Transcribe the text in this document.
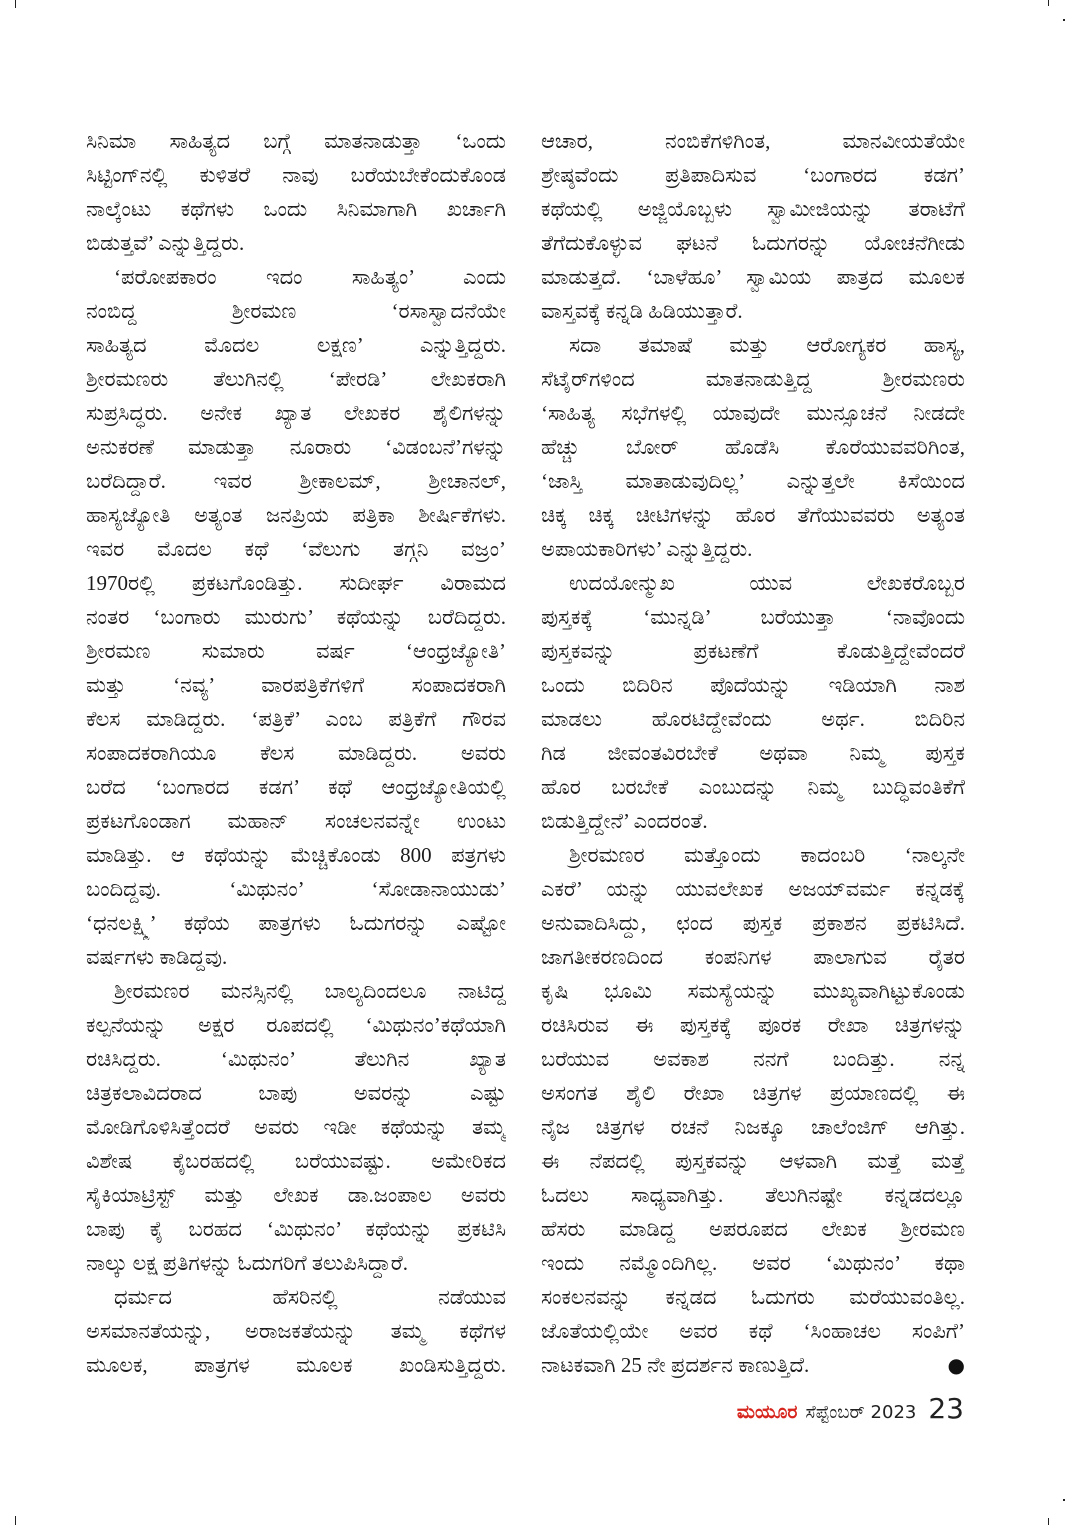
ಸಿನಿಮಾ ಸಾಹಿತ್ಯದ ಬಗ್ಗೆ ಮಾತನಾಡುತ್ತಾ ‘ಒಂದು
ಸಿಟ್ಟಿಂಗ್‌ನಲ್ಲಿ ಕುಳಿತರೆ ನಾವು ಬರೆಯಬೇಕೆಂದುಕೊಂಡ
ನಾಲ್ಕೆಂಟು ಕಥೆಗಳು ಒಂದು ಸಿನಿಮಾಗಾಗಿ ಖರ್ಚಾಗಿ
ಬಿಡುತ್ತವೆ’ ಎನ್ನುತ್ತಿದ್ದರು.
‘ಪರೋಪಕಾರಂ ಇದಂ ಸಾಹಿತ್ಯಂ’ ಎಂದು
ನಂಬಿದ್ದ ಶ್ರೀರಮಣ ‘ರಸಾಸ್ವಾದನೆಯೇ
ಸಾಹಿತ್ಯದ ಮೊದಲ ಲಕ್ಷಣ’ ಎನ್ನುತ್ತಿದ್ದರು.
ಶ್ರೀರಮಣರು ತೆಲುಗಿನಲ್ಲಿ ‘ಪೇರಡಿ’ ಲೇಖಕರಾಗಿ
ಸುಪ್ರಸಿದ್ಧರು. ಅನೇಕ ಖ್ಯಾತ ಲೇಖಕರ ಶೈಲಿಗಳನ್ನು
ಅನುಕರಣೆ ಮಾಡುತ್ತಾ ನೂರಾರು ‘ವಿಡಂಬನೆ’ಗಳನ್ನು
ಬರೆದಿದ್ದಾರೆ. ಇವರ ಶ್ರೀಕಾಲಮ್, ಶ್ರೀಚಾನಲ್,
ಹಾಸ್ಯಜ್ಯೋತಿ ಅತ್ಯಂತ ಜನಪ್ರಿಯ ಪತ್ರಿಕಾ ಶೀರ್ಷಿಕೆಗಳು.
ಇವರ ಮೊದಲ ಕಥೆ ‘ವೆಲುಗು ತಗ್ಗನಿ ವಜ್ರಂ’
1970ರಲ್ಲಿ ಪ್ರಕಟಗೊಂಡಿತ್ತು. ಸುದೀರ್ಘ ವಿರಾಮದ
ನಂತರ ‘ಬಂಗಾರು ಮುರುಗು’ ಕಥೆಯನ್ನು ಬರೆದಿದ್ದರು.
ಶ್ರೀರಮಣ ಸುಮಾರು ವರ್ಷ ‘ಆಂಧ್ರಜ್ಯೋತಿ’
ಮತ್ತು ‘ನವ್ಯ’ ವಾರಪತ್ರಿಕೆಗಳಿಗೆ ಸಂಪಾದಕರಾಗಿ
ಕೆಲಸ ಮಾಡಿದ್ದರು. ‘ಪತ್ರಿಕೆ’ ಎಂಬ ಪತ್ರಿಕೆಗೆ ಗೌರವ
ಸಂಪಾದಕರಾಗಿಯೂ ಕೆಲಸ ಮಾಡಿದ್ದರು. ಅವರು
ಬರೆದ ‘ಬಂಗಾರದ ಕಡಗ’ ಕಥೆ ಆಂಧ್ರಜ್ಯೋತಿಯಲ್ಲಿ
ಪ್ರಕಟಗೊಂಡಾಗ ಮಹಾನ್ ಸಂಚಲನವನ್ನೇ ಉಂಟು
ಮಾಡಿತ್ತು. ಆ ಕಥೆಯನ್ನು ಮೆಚ್ಚಿಕೊಂಡು 800 ಪತ್ರಗಳು
ಬಂದಿದ್ದವು. ‘ಮಿಥುನಂ’ ‘ಸೋಡಾನಾಯುಡು’
‘ಧನಲಕ್ಷ್ಮಿ’ ಕಥೆಯ ಪಾತ್ರಗಳು ಓದುಗರನ್ನು ಎಷ್ಟೋ
ವರ್ಷಗಳು ಕಾಡಿದ್ದವು.
ಶ್ರೀರಮಣರ ಮನಸ್ಸಿನಲ್ಲಿ ಬಾಲ್ಯದಿಂದಲೂ ನಾಟಿದ್ದ
ಕಲ್ಪನೆಯನ್ನು ಅಕ್ಷರ ರೂಪದಲ್ಲಿ ‘ಮಿಥುನಂ’ಕಥೆಯಾಗಿ
ರಚಿಸಿದ್ದರು. ‘ಮಿಥುನಂ’ ತೆಲುಗಿನ ಖ್ಯಾತ
ಚಿತ್ರಕಲಾವಿದರಾದ ಬಾಪು ಅವರನ್ನು ಎಷ್ಟು
ಮೋಡಿಗೊಳಿಸಿತ್ತೆಂದರೆ ಅವರು ಇಡೀ ಕಥೆಯನ್ನು ತಮ್ಮ
ವಿಶೇಷ ಕೈಬರಹದಲ್ಲಿ ಬರೆಯುವಷ್ಟು. ಅಮೇರಿಕದ
ಸೈಕಿಯಾಟ್ರಿಸ್ಟ್ ಮತ್ತು ಲೇಖಕ ಡಾ.ಜಂಪಾಲ ಅವರು
ಬಾಪು ಕೈ ಬರಹದ ‘ಮಿಥುನಂ’ ಕಥೆಯನ್ನು ಪ್ರಕಟಿಸಿ
ನಾಲ್ಕು ಲಕ್ಷ ಪ್ರತಿಗಳನ್ನು ಓದುಗರಿಗೆ ತಲುಪಿಸಿದ್ದಾರೆ.
ಧರ್ಮದ ಹೆಸರಿನಲ್ಲಿ ನಡೆಯುವ
ಅಸಮಾನತೆಯನ್ನು, ಅರಾಜಕತೆಯನ್ನು ತಮ್ಮ ಕಥೆಗಳ
ಮೂಲಕ, ಪಾತ್ರಗಳ ಮೂಲಕ ಖಂಡಿಸುತ್ತಿದ್ದರು.	●
ಆಚಾರ, ನಂಬಿಕೆಗಳಿಗಿಂತ, ಮಾನವೀಯತೆಯೇ
ಶ್ರೇಷ್ಠವೆಂದು ಪ್ರತಿಪಾದಿಸುವ ‘ಬಂಗಾರದ ಕಡಗ’
ಕಥೆಯಲ್ಲಿ ಅಜ್ಜಿಯೊಬ್ಬಳು ಸ್ವಾಮೀಜಿಯನ್ನು ತರಾಟೆಗೆ
ತೆಗೆದುಕೊಳ್ಳುವ ಘಟನೆ ಓದುಗರನ್ನು ಯೋಚನೆಗೀಡು
ಮಾಡುತ್ತದೆ. ‘ಬಾಳೆಹೂ’ ಸ್ವಾಮಿಯ ಪಾತ್ರದ ಮೂಲಕ
ವಾಸ್ತವಕ್ಕೆ ಕನ್ನಡಿ ಹಿಡಿಯುತ್ತಾರೆ.
ಸದಾ ತಮಾಷೆ ಮತ್ತು ಆರೋಗ್ಯಕರ ಹಾಸ್ಯ,
ಸೆಟೈರ್‌ಗಳಿಂದ ಮಾತನಾಡುತ್ತಿದ್ದ ಶ್ರೀರಮಣರು
‘ಸಾಹಿತ್ಯ ಸಭೆಗಳಲ್ಲಿ ಯಾವುದೇ ಮುನ್ಸೂಚನೆ ನೀಡದೇ
ಹೆಚ್ಚು ಬೋರ್ ಹೊಡೆಸಿ ಕೊರೆಯುವವರಿಗಿಂತ,
‘ಜಾಸ್ತಿ ಮಾತಾಡುವುದಿಲ್ಲ’ ಎನ್ನುತ್ತಲೇ ಕಿಸೆಯಿಂದ
ಚಿಕ್ಕ ಚಿಕ್ಕ ಚೀಟಿಗಳನ್ನು ಹೊರ ತೆಗೆಯುವವರು ಅತ್ಯಂತ
ಅಪಾಯಕಾರಿಗಳು’ ಎನ್ನುತ್ತಿದ್ದರು.
ಉದಯೋನ್ಮುಖ ಯುವ ಲೇಖಕರೊಬ್ಬರ
ಪುಸ್ತಕಕ್ಕೆ ‘ಮುನ್ನಡಿ’ ಬರೆಯುತ್ತಾ ‘ನಾವೊಂದು
ಪುಸ್ತಕವನ್ನು ಪ್ರಕಟಣೆಗೆ ಕೊಡುತ್ತಿದ್ದೇವೆಂದರೆ
ಒಂದು ಬಿದಿರಿನ ಪೊದೆಯನ್ನು ಇಡಿಯಾಗಿ ನಾಶ
ಮಾಡಲು ಹೊರಟಿದ್ದೇವೆಂದು ಅರ್ಥ. ಬಿದಿರಿನ
ಗಿಡ ಜೀವಂತವಿರಬೇಕೆ ಅಥವಾ ನಿಮ್ಮ ಪುಸ್ತಕ
ಹೊರ ಬರಬೇಕೆ ಎಂಬುದನ್ನು ನಿಮ್ಮ ಬುದ್ಧಿವಂತಿಕೆಗೆ
ಬಿಡುತ್ತಿದ್ದೇನೆ’ ಎಂದರಂತೆ.
ಶ್ರೀರಮಣರ ಮತ್ತೊಂದು ಕಾದಂಬರಿ ‘ನಾಲ್ಕನೇ
ಎಕರೆ’ ಯನ್ನು ಯುವಲೇಖಕ ಅಜಯ್‌ವರ್ಮ ಕನ್ನಡಕ್ಕೆ
ಅನುವಾದಿಸಿದ್ದು, ಛಂದ ಪುಸ್ತಕ ಪ್ರಕಾಶನ ಪ್ರಕಟಿಸಿದೆ.
ಜಾಗತೀಕರಣದಿಂದ ಕಂಪನಿಗಳ ಪಾಲಾಗುವ ರೈತರ
ಕೃಷಿ ಭೂಮಿ ಸಮಸ್ಯೆಯನ್ನು ಮುಖ್ಯವಾಗಿಟ್ಟುಕೊಂಡು
ರಚಿಸಿರುವ ಈ ಪುಸ್ತಕಕ್ಕೆ ಪೂರಕ ರೇಖಾ ಚಿತ್ರಗಳನ್ನು
ಬರೆಯುವ ಅವಕಾಶ ನನಗೆ ಬಂದಿತ್ತು. ನನ್ನ
ಅಸಂಗತ ಶೈಲಿ ರೇಖಾ ಚಿತ್ರಗಳ ಪ್ರಯಾಣದಲ್ಲಿ ಈ
ನೈಜ ಚಿತ್ರಗಳ ರಚನೆ ನಿಜಕ್ಕೂ ಚಾಲೆಂಜಿಗ್ ಆಗಿತ್ತು.
ಈ ನೆಪದಲ್ಲಿ ಪುಸ್ತಕವನ್ನು ಆಳವಾಗಿ ಮತ್ತೆ ಮತ್ತೆ
ಓದಲು ಸಾಧ್ಯವಾಗಿತ್ತು. ತೆಲುಗಿನಷ್ಟೇ ಕನ್ನಡದಲ್ಲೂ
ಹೆಸರು ಮಾಡಿದ್ದ ಅಪರೂಪದ ಲೇಖಕ ಶ್ರೀರಮಣ
ಇಂದು ನಮ್ಮೊಂದಿಗಿಲ್ಲ. ಅವರ ‘ಮಿಥುನಂ’ ಕಥಾ
ಸಂಕಲನವನ್ನು ಕನ್ನಡದ ಓದುಗರು ಮರೆಯುವಂತಿಲ್ಲ.
ಜೊತೆಯಲ್ಲಿಯೇ ಅವರ ಕಥೆ ‘ಸಿಂಹಾಚಲ ಸಂಪಿಗೆ’
ನಾಟಕವಾಗಿ 25 ನೇ ಪ್ರದರ್ಶನ ಕಾಣುತ್ತಿದೆ.
ಮಯೂರ ಸೆಪ್ಟೆಂಬರ್ 2023 23
